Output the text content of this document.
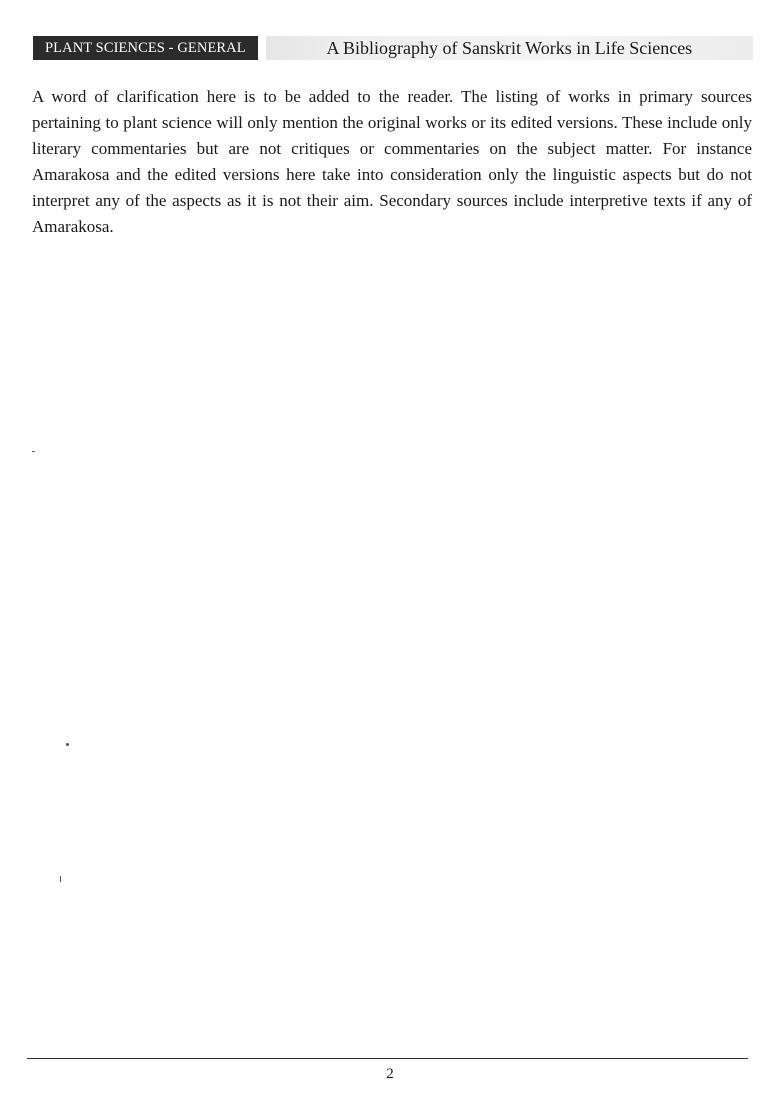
PLANT SCIENCES - GENERAL	A Bibliography of Sanskrit Works in Life Sciences

A word of clarification here is to be added to the reader. The listing of works in primary sources pertaining to plant science will only mention the original works or its edited versions. These include only literary commentaries but are not critiques or commentaries on the subject matter. For instance Amarakosa and the edited versions here take into consideration only the linguistic aspects but do not interpret any of the aspects as it is not their aim. Secondary sources include interpretive texts if any of Amarakosa.

2
